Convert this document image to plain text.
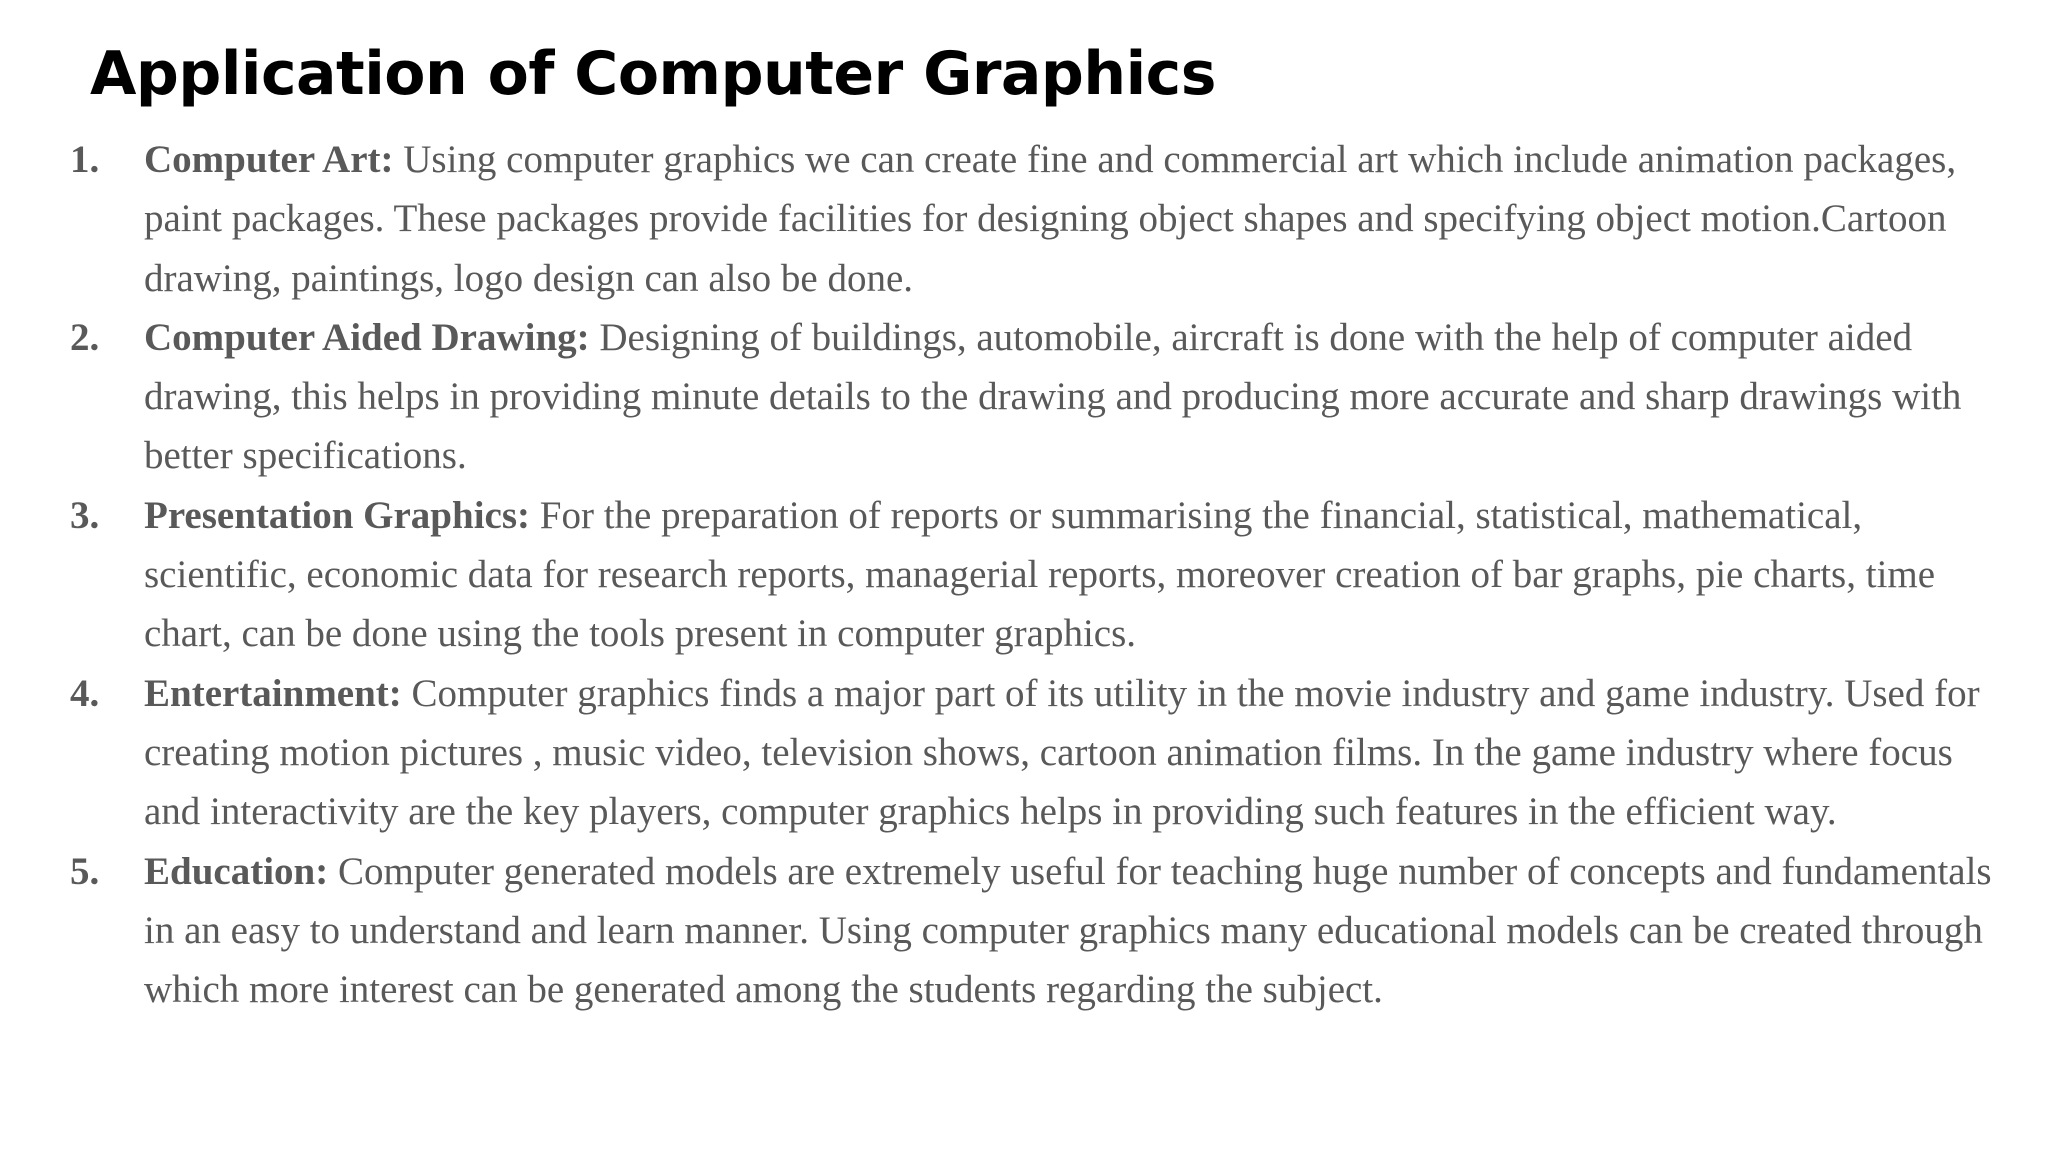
Application of Computer Graphics
1. Computer Art: Using computer graphics we can create fine and commercial art which include animation packages, paint packages. These packages provide facilities for designing object shapes and specifying object motion.Cartoon drawing, paintings, logo design can also be done.
2. Computer Aided Drawing: Designing of buildings, automobile, aircraft is done with the help of computer aided drawing, this helps in providing minute details to the drawing and producing more accurate and sharp drawings with better specifications.
3. Presentation Graphics: For the preparation of reports or summarising the financial, statistical, mathematical, scientific, economic data for research reports, managerial reports, moreover creation of bar graphs, pie charts, time chart, can be done using the tools present in computer graphics.
4. Entertainment: Computer graphics finds a major part of its utility in the movie industry and game industry. Used for creating motion pictures , music video, television shows, cartoon animation films. In the game industry where focus and interactivity are the key players, computer graphics helps in providing such features in the efficient way.
5. Education: Computer generated models are extremely useful for teaching huge number of concepts and fundamentals in an easy to understand and learn manner. Using computer graphics many educational models can be created through which more interest can be generated among the students regarding the subject.
